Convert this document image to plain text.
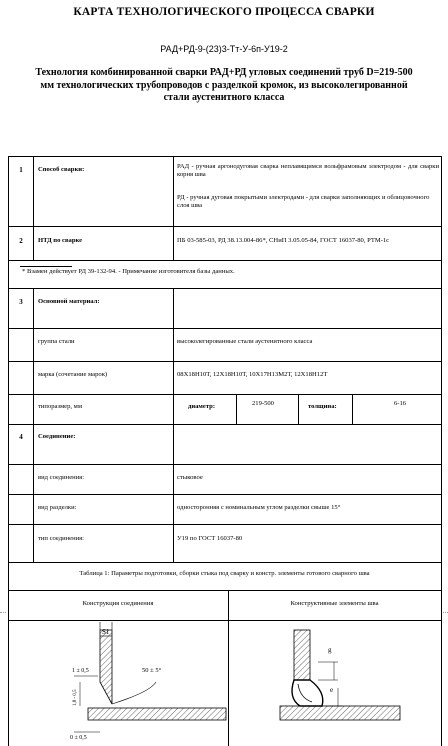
КАРТА ТЕХНОЛОГИЧЕСКОГО ПРОЦЕССА СВАРКИ
РАД+РД-9-(23)3-Тт-У-6п-У19-2
Технология комбинированной сварки РАД+РД угловых соединений труб D=219-500 мм технологических трубопроводов с разделкой кромок, из высоколегированной стали аустенитного класса
1	Способ сварки:	РАД - ручная аргонодуговая сварка неплавящимся вольфрамовым электродом - для сварки корня шва
РД - ручная дуговая покрытыми электродами - для сварки заполняющих и облицовочного слоя шва
2	НТД по сварке	ПБ 03-585-03, РД 38.13.004-86*, СНиП 3.05.05-84, ГОСТ 16037-80, РТМ-1с
* Взамен действует РД 39-132-94. - Примечание изготовителя базы данных.
3	Основной материал:
группа стали	высоколегированные стали аустенитного класса
марка (сочетание марок)	08Х18Н10Т, 12Х18Н10Т, 10Х17Н13М2Т, 12Х18Н12Т
типоразмер, мм	диаметр:	219-500	толщина:	6-16
4	Соединение:
вид соединения:	стыковое
вид разделки:	односторонняя с номинальным углом разделки свыше 15°
тип соединения:	У19 по ГОСТ 16037-80
Таблица 1: Параметры подготовки, сборки стыка под сварку и констр. элементы готового сварного шва
Конструкция соединения	Конструктивные элементы шва
S1
50 ± 5°
1 ± 0,5
1,8 - 0,5
0 ± 0,5
g
e
